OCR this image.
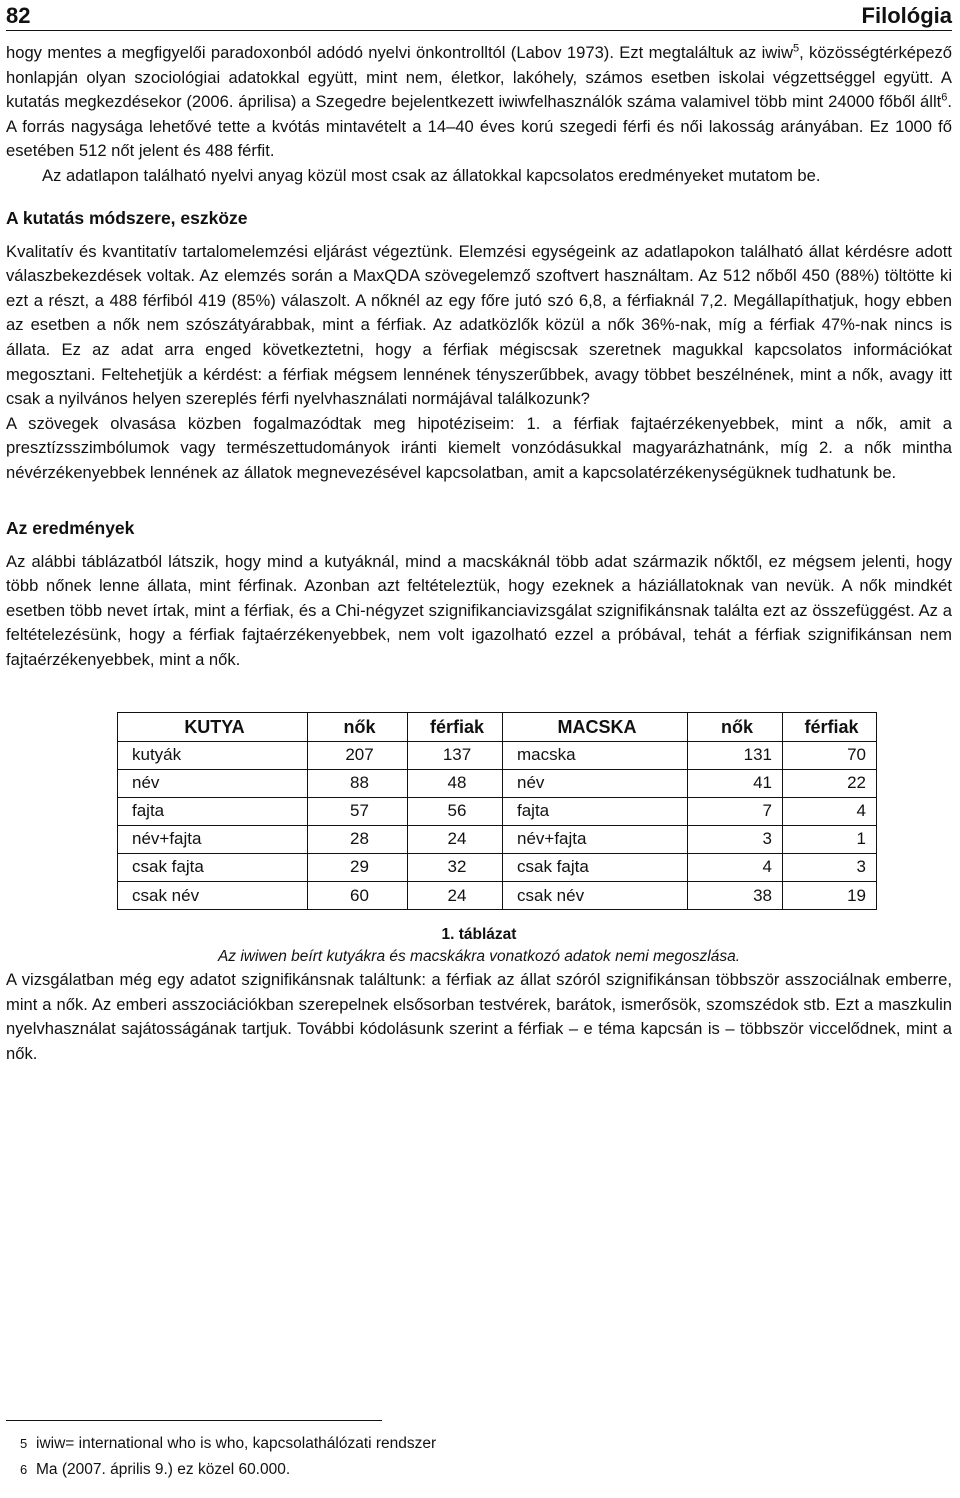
82	Filológia

hogy mentes a megfigyelői paradoxonból adódó nyelvi önkontrolltól (Labov 1973). Ezt megtaláltuk az iwiw$^5$, közösségtérképező honlapján olyan szociológiai adatokkal együtt, mint nem, életkor, lakóhely, számos esetben iskolai végzettséggel együtt. A kutatás megkezdésekor (2006. áprilisa) a Szegedre bejelentkezett iwiwfelhasználók száma valamivel több mint 24000 főből állt$^6$. A forrás nagysága lehetővé tette a kvótás mintavételt a 14–40 éves korú szegedi férfi és női lakosság arányában. Ez 1000 fő esetében 512 nőt jelent és 488 férfit.

Az adatlapon található nyelvi anyag közül most csak az állatokkal kapcsolatos eredményeket mutatom be.

A kutatás módszere, eszköze

Kvalitatív és kvantitatív tartalomelemzési eljárást végeztünk. Elemzési egységeink az adatlapokon található állat kérdésre adott válaszbekezdések voltak. Az elemzés során a MaxQDA szövegelemző szoftvert használtam. Az 512 nőből 450 (88%) töltötte ki ezt a részt, a 488 férfiból 419 (85%) válaszolt. A nőknél az egy főre jutó szó 6,8, a férfiaknál 7,2. Megállapíthatjuk, hogy ebben az esetben a nők nem szószátyárabbak, mint a férfiak. Az adatközlők közül a nők 36%-nak, míg a férfiak 47%-nak nincs is állata. Ez az adat arra enged következtetni, hogy a férfiak mégiscsak szeretnek magukkal kapcsolatos információkat megosztani. Feltehetjük a kérdést: a férfiak mégsem lennének tényszerűbbek, avagy többet beszélnének, mint a nők, avagy itt csak a nyilvános helyen szereplés férfi nyelvhasználati normájával találkozunk?

A szövegek olvasása közben fogalmazódtak meg hipotéziseim: 1. a férfiak fajtaérzékenyebbek, mint a nők, amit a presztízsszimbólumok vagy természettudományok iránti kiemelt vonzódásukkal magyarázhatnánk, míg 2. a nők mintha névérzékenyebbek lennének az állatok megnevezésével kapcsolatban, amit a kapcsolatérzékenységüknek tudhatunk be.

Az eredmények

Az alábbi táblázatból látszik, hogy mind a kutyáknál, mind a macskáknál több adat származik nőktől, ez mégsem jelenti, hogy több nőnek lenne állata, mint férfinak. Azonban azt feltételeztük, hogy ezeknek a háziállatoknak van nevük. A nők mindkét esetben több nevet írtak, mint a férfiak, és a Chi-négyzet szignifikanciavizsgálat szignifikánsnak találta ezt az összefüggést. Az a feltételezésünk, hogy a férfiak fajtaérzékenyebbek, nem volt igazolható ezzel a próbával, tehát a férfiak szignifikánsan nem fajtaérzékenyebbek, mint a nők.

KUTYA	nők	férfiak	MACSKA	nők	férfiak
kutyák	207	137	macska	131	70
név	88	48	név	41	22
fajta	57	56	fajta	7	4
név+fajta	28	24	név+fajta	3	1
csak fajta	29	32	csak fajta	4	3
csak név	60	24	csak név	38	19
1. táblázat
Az iwiwen beírt kutyákra és macskákra vonatkozó adatok nemi megoszlása.

A vizsgálatban még egy adatot szignifikánsnak találtunk: a férfiak az állat szóról szignifikánsan többször asszociálnak emberre, mint a nők. Az emberi asszociációkban szerepelnek elsősorban testvérek, barátok, ismerősök, szomszédok stb. Ezt a maszkulin nyelvhasználat sajátosságának tartjuk. További kódolásunk szerint a férfiak – e téma kapcsán is – többször viccelődnek, mint a nők.

5 iwiw= international who is who, kapcsolathálózati rendszer
6 Ma (2007. április 9.) ez közel 60.000.
